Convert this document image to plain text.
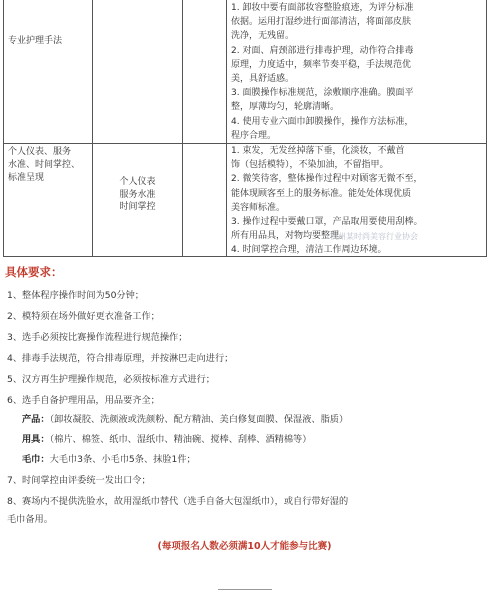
专业护理手法
1. 卸妆中要有面部妆容整脸痕迹，为评分标准
依据。运用打湿纱进行面部清洁，将面部皮肤
洗净，无残留。
2. 对面、肩颈部进行排毒护理，动作符合排毒
原理，力度适中，频率节奏平稳，手法规范优
美，具舒适感。
3. 面膜操作标准规范，涂敷顺序准确。膜面平
整，厚薄均匀，轮廓清晰。
4. 使用专业六面巾卸膜操作，操作方法标准，
程序合理。
个人仪表、服务
水准、时间掌控、
标准呈现	个人仪表
服务水准
时间掌控
1. 束发，无发丝掉落下垂，化淡妆，不戴首
饰（包括模特），不染加油，不留指甲。
2. 微笑待客，整体操作过程中对顾客无微不至，
能体现顾客至上的服务标准。能处处体现优质
美容师标准。
3. 操作过程中要戴口罩，产品取用要使用刮棒。
所有用品具，对物均要整理。
4. 时间掌控合理，清洁工作周边环境。
杭州某时尚美容行业协会
具体要求：
1、整体程序操作时间为50分钟；
2、模特须在场外做好更衣准备工作；
3、选手必须按比赛操作流程进行规范操作；
4、排毒手法规范，符合排毒原理，并按淋巴走向进行；
5、汉方再生护理操作规范，必须按标准方式进行；
6、选手自备护理用品，用品要齐全；
产品：（卸妆凝胶、洗颜液或洗颜粉、配方精油、美白修复面膜、保湿液、脂质）
用具：（棉片、棉签、纸巾、湿纸巾、精油碗、搅棒、刮棒、酒精棉等）
毛巾：大毛巾3条、小毛巾5条、抹脸1件；
7、时间掌控由评委统一发出口令；
8、赛场内不提供洗脸水，故用湿纸巾替代（选手自备大包湿纸巾），或自行带好湿的
毛巾备用。
(每项报名人数必须满10人才能参与比赛)
